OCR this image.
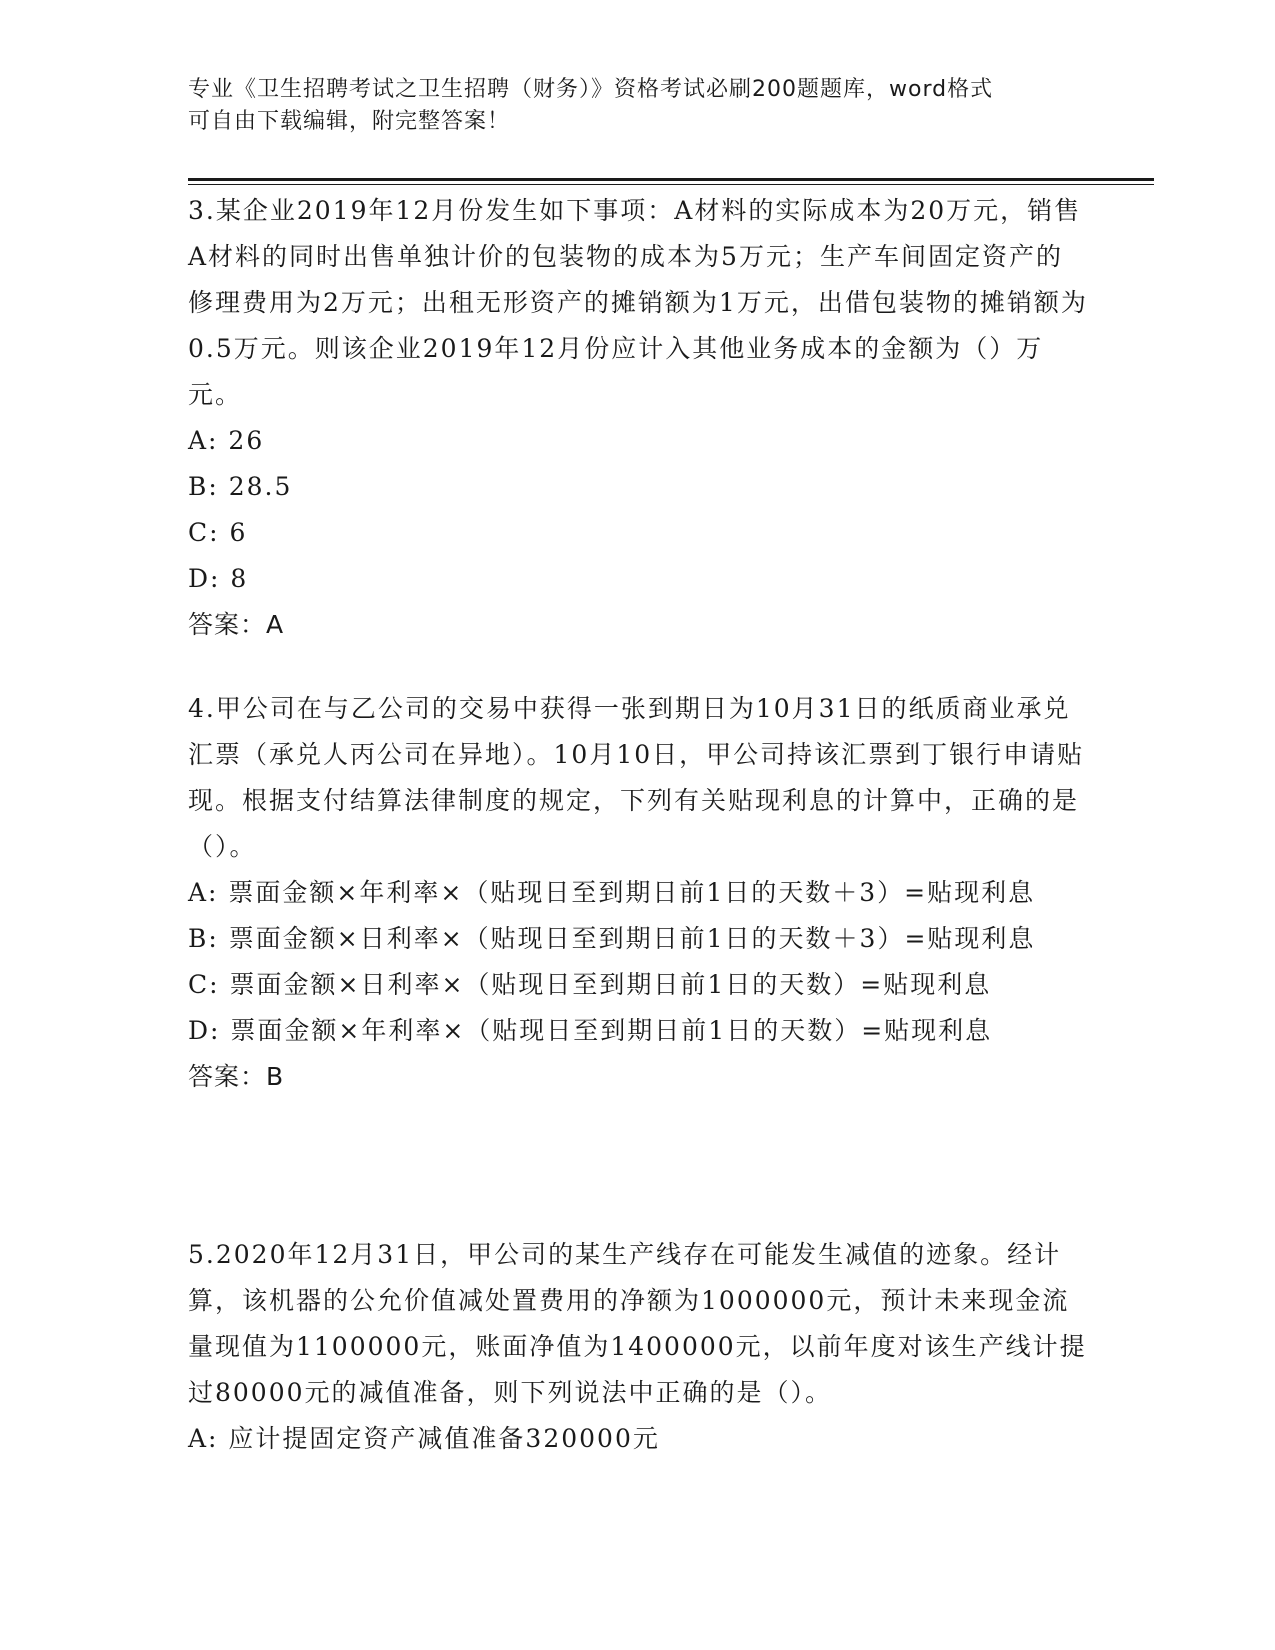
专业《卫生招聘考试之卫生招聘（财务）》资格考试必刷200题题库，word格式
可自由下载编辑，附完整答案！
3.某企业2019年12月份发生如下事项：A材料的实际成本为20万元，销售A材料的同时出售单独计价的包装物的成本为5万元；生产车间固定资产的修理费用为2万元；出租无形资产的摊销额为1万元，出借包装物的摊销额为0.5万元。则该企业2019年12月份应计入其他业务成本的金额为（）万元。
A: 26
B: 28.5
C: 6
D: 8
答案：A
4.甲公司在与乙公司的交易中获得一张到期日为10月31日的纸质商业承兑汇票（承兑人丙公司在异地）。10月10日，甲公司持该汇票到丁银行申请贴现。根据支付结算法律制度的规定，下列有关贴现利息的计算中，正确的是（）。
A: 票面金额×年利率×（贴现日至到期日前1日的天数＋3）=贴现利息
B: 票面金额×日利率×（贴现日至到期日前1日的天数＋3）=贴现利息
C: 票面金额×日利率×（贴现日至到期日前1日的天数）=贴现利息
D: 票面金额×年利率×（贴现日至到期日前1日的天数）=贴现利息
答案：B
5.2020年12月31日，甲公司的某生产线存在可能发生减值的迹象。经计算，该机器的公允价值减处置费用的净额为1000000元，预计未来现金流量现值为1100000元，账面净值为1400000元，以前年度对该生产线计提过80000元的减值准备，则下列说法中正确的是（）。
A: 应计提固定资产减值准备320000元
